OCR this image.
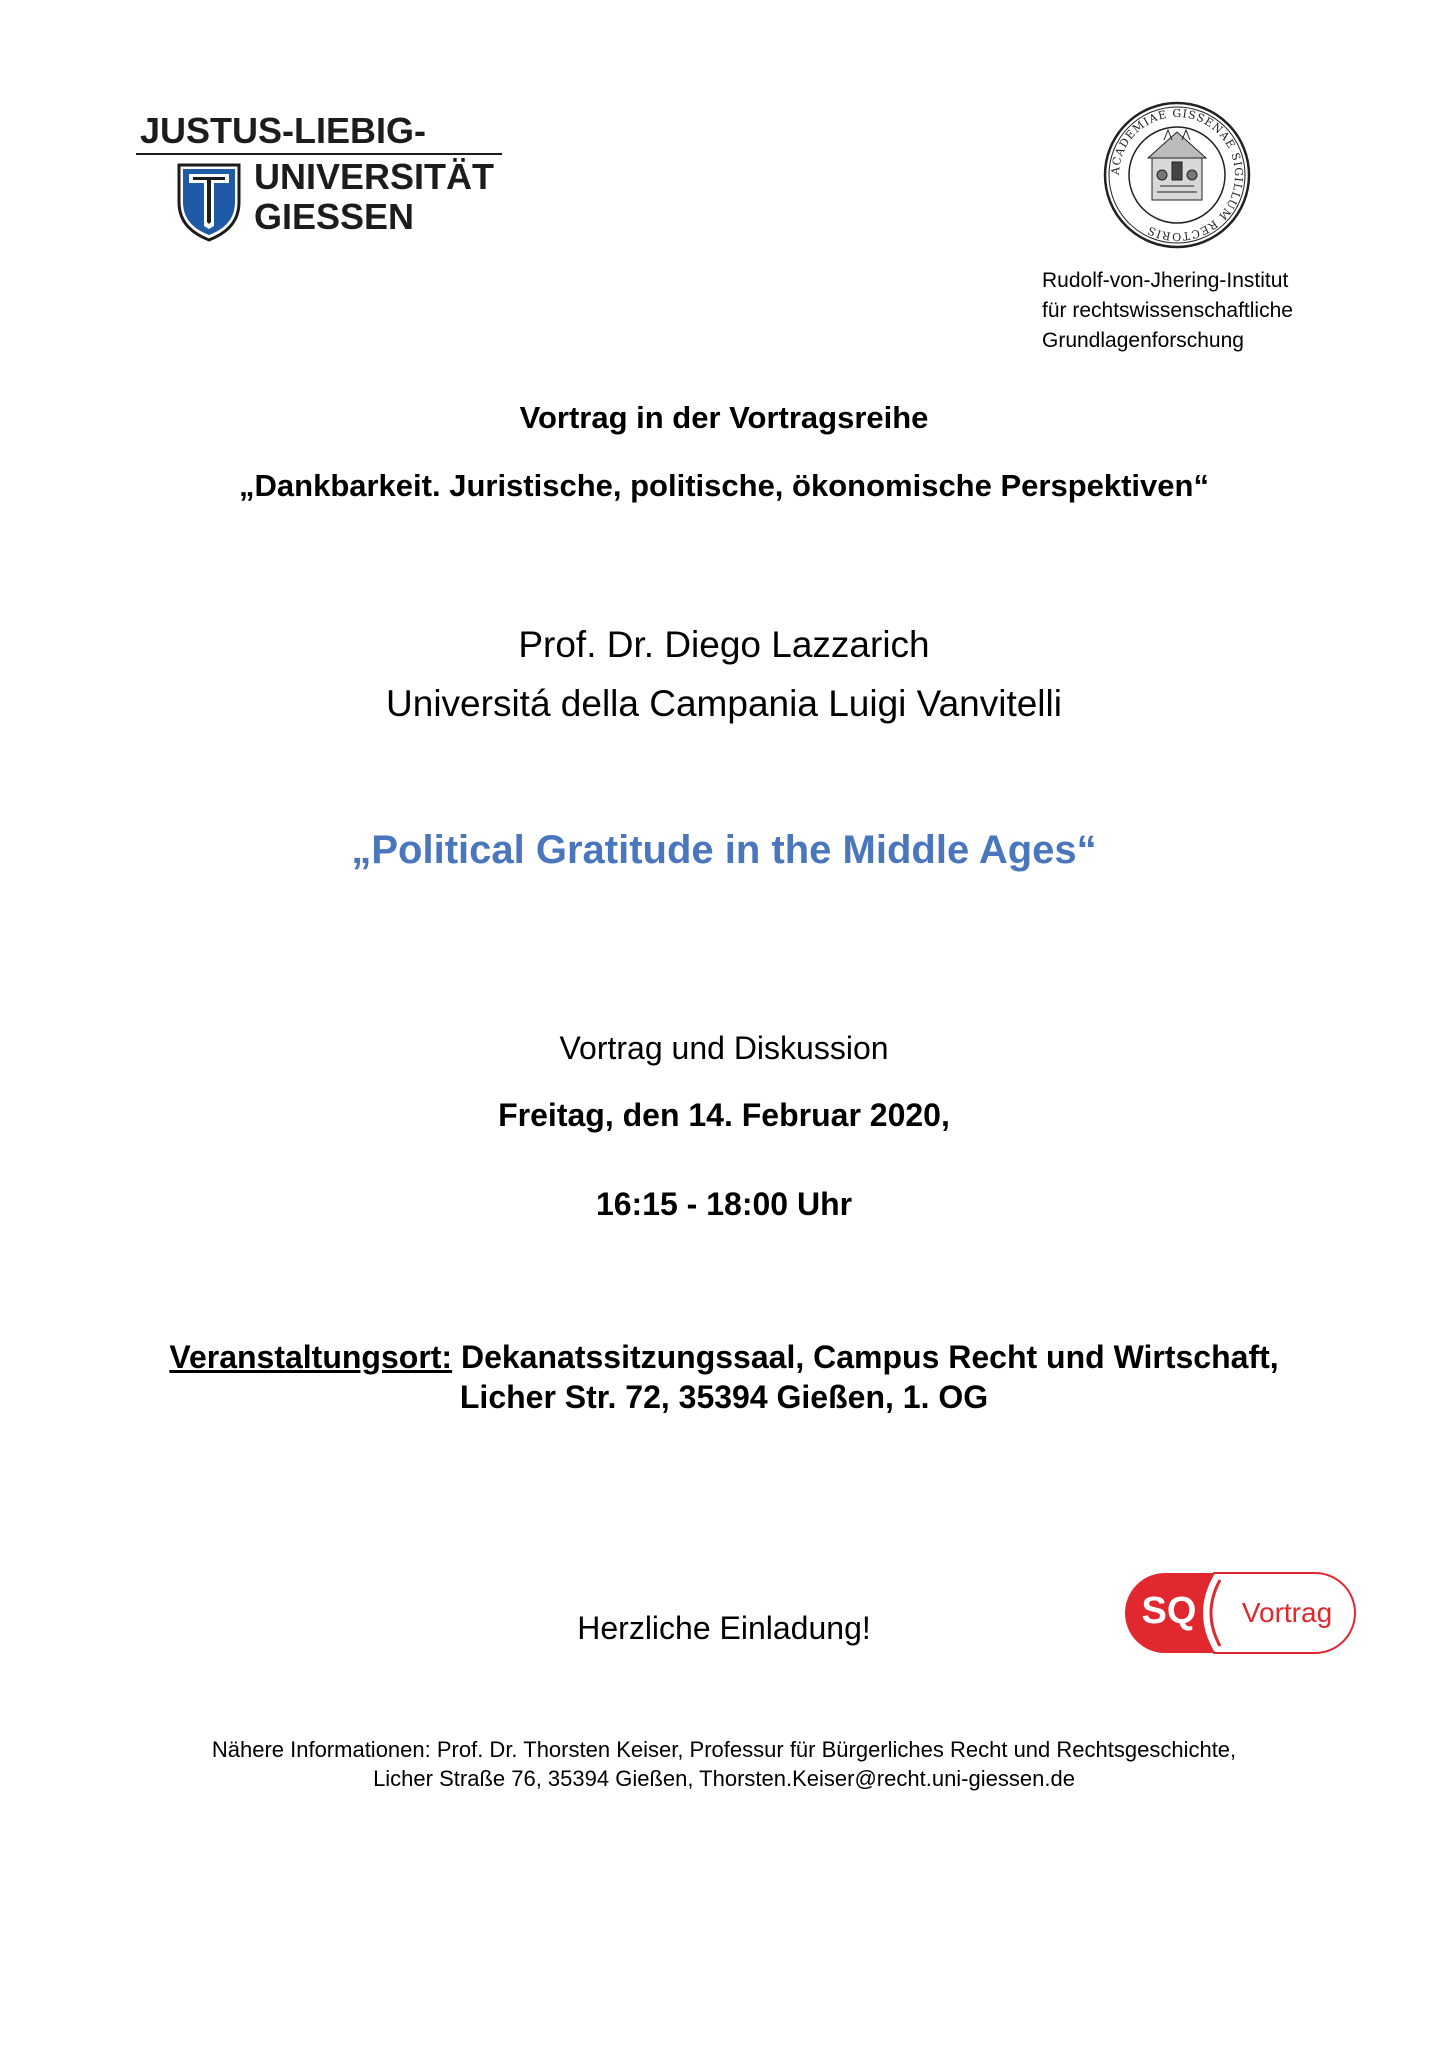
JUSTUS-LIEBIG-
UNIVERSITÄT
GIESSEN
ACADEMIAE GISSENAE SIGILLUM RECTORIS
Rudolf-von-Jhering-Institut
für rechtswissenschaftliche
Grundlagenforschung
Vortrag in der Vortragsreihe
„Dankbarkeit. Juristische, politische, ökonomische Perspektiven“
Prof. Dr. Diego Lazzarich
Universitá della Campania Luigi Vanvitelli
„Political Gratitude in the Middle Ages“
Vortrag und Diskussion
Freitag, den 14. Februar 2020,
16:15 - 18:00 Uhr
Veranstaltungsort: Dekanatssitzungssaal, Campus Recht und Wirtschaft,
Licher Str. 72, 35394 Gießen, 1. OG
Herzliche Einladung!	SQ	Vortrag
Nähere Informationen: Prof. Dr. Thorsten Keiser, Professur für Bürgerliches Recht und Rechtsgeschichte,
Licher Straße 76, 35394 Gießen, Thorsten.Keiser@recht.uni-giessen.de
